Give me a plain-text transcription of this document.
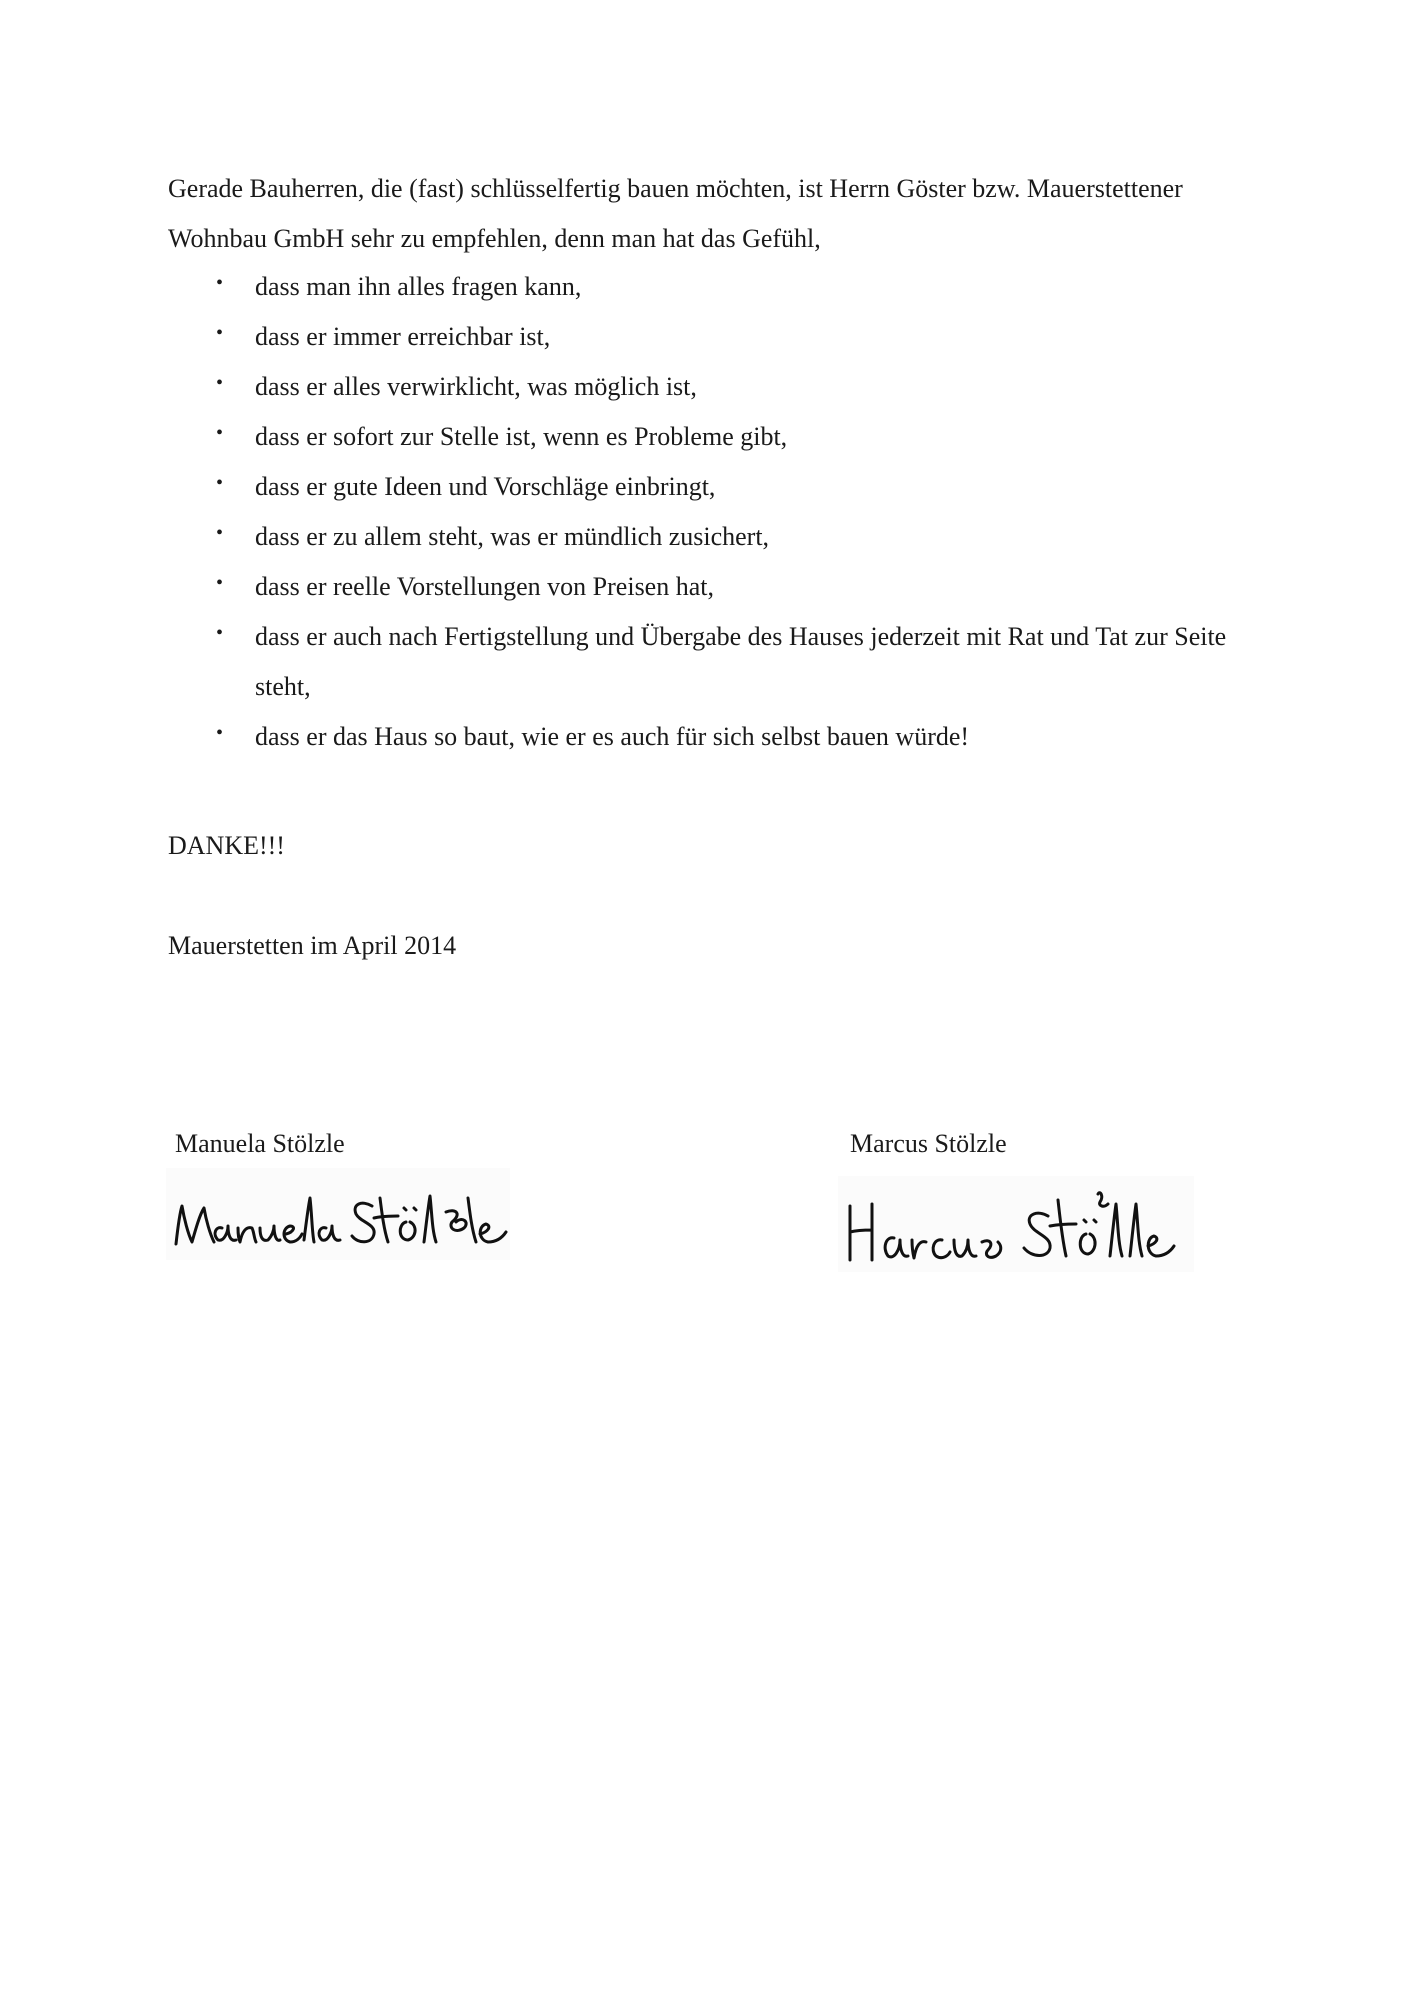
Gerade Bauherren, die (fast) schlüsselfertig bauen möchten, ist Herrn Göster bzw. Mauerstettener Wohnbau GmbH sehr zu empfehlen, denn man hat das Gefühl,

• dass man ihn alles fragen kann,
• dass er immer erreichbar ist,
• dass er alles verwirklicht, was möglich ist,
• dass er sofort zur Stelle ist, wenn es Probleme gibt,
• dass er gute Ideen und Vorschläge einbringt,
• dass er zu allem steht, was er mündlich zusichert,
• dass er reelle Vorstellungen von Preisen hat,
• dass er auch nach Fertigstellung und Übergabe des Hauses jederzeit mit Rat und Tat zur Seite steht,
• dass er das Haus so baut, wie er es auch für sich selbst bauen würde!

DANKE!!!

Mauerstetten im April 2014

Manuela Stölzle	Marcus Stölzle
